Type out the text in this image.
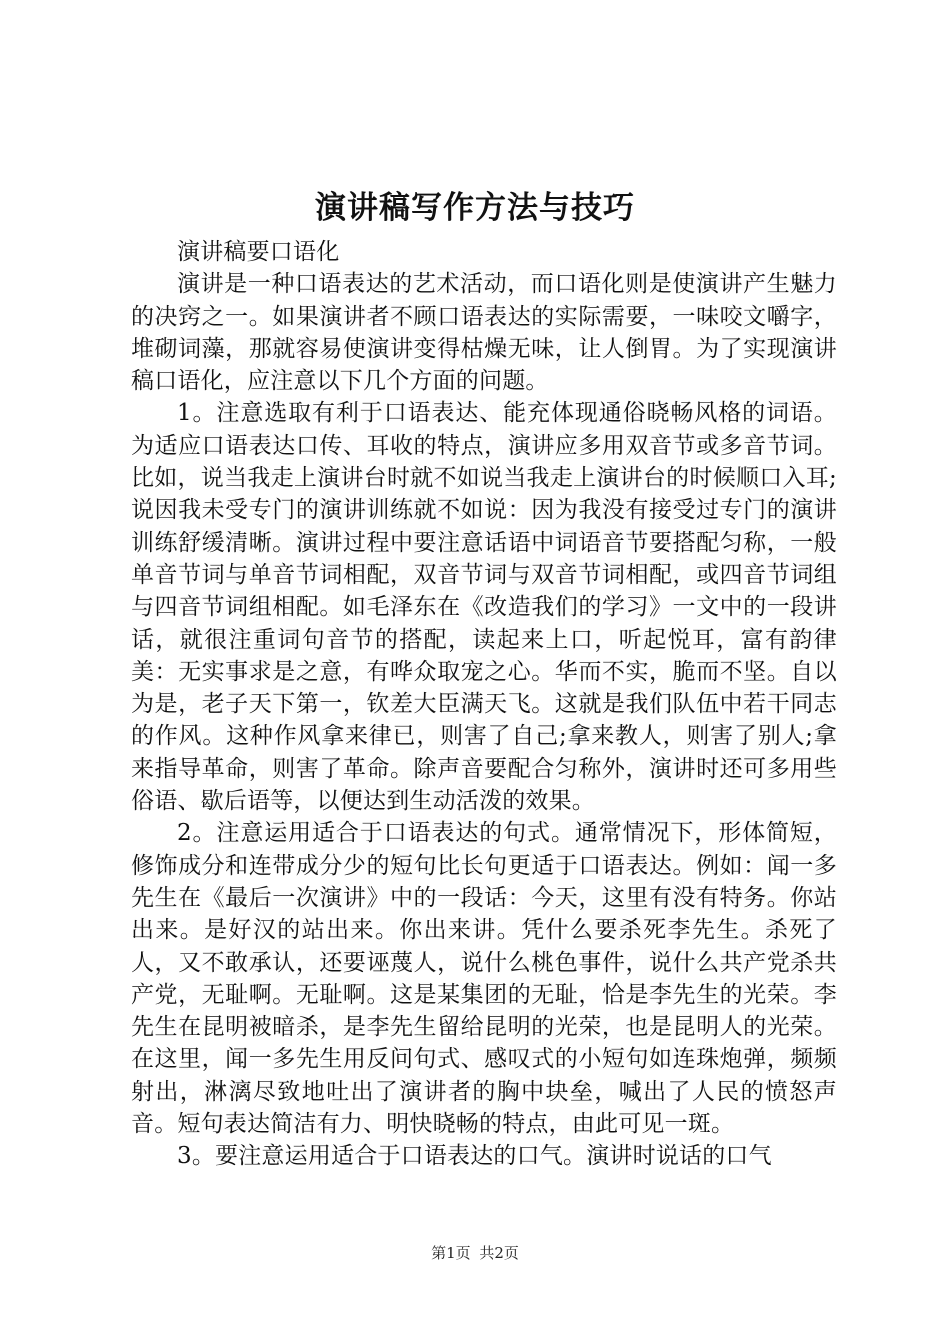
演讲稿写作方法与技巧

演讲稿要口语化

演讲是一种口语表达的艺术活动，而口语化则是使演讲产生魅力的决窍之一。如果演讲者不顾口语表达的实际需要，一味咬文嚼字，堆砌词藻，那就容易使演讲变得枯燥无味，让人倒胃。为了实现演讲稿口语化，应注意以下几个方面的问题。

1。注意选取有利于口语表达、能充体现通俗晓畅风格的词语。为适应口语表达口传、耳收的特点，演讲应多用双音节或多音节词。比如，说当我走上演讲台时就不如说当我走上演讲台的时候顺口入耳;说因我未受专门的演讲训练就不如说：因为我没有接受过专门的演讲训练舒缓清晰。演讲过程中要注意话语中词语音节要搭配匀称，一般单音节词与单音节词相配，双音节词与双音节词相配，或四音节词组与四音节词组相配。如毛泽东在《改造我们的学习》一文中的一段讲话，就很注重词句音节的搭配，读起来上口，听起悦耳，富有韵律美：无实事求是之意，有哗众取宠之心。华而不实，脆而不坚。自以为是，老子天下第一，钦差大臣满天飞。这就是我们队伍中若干同志的作风。这种作风拿来律已，则害了自己;拿来教人，则害了别人;拿来指导革命，则害了革命。除声音要配合匀称外，演讲时还可多用些俗语、歇后语等，以便达到生动活泼的效果。

2。注意运用适合于口语表达的句式。通常情况下，形体简短，修饰成分和连带成分少的短句比长句更适于口语表达。例如：闻一多先生在《最后一次演讲》中的一段话：今天，这里有没有特务。你站出来。是好汉的站出来。你出来讲。凭什么要杀死李先生。杀死了人，又不敢承认，还要诬蔑人，说什么桃色事件，说什么共产党杀共产党，无耻啊。无耻啊。这是某集团的无耻，恰是李先生的光荣。李先生在昆明被暗杀，是李先生留给昆明的光荣，也是昆明人的光荣。在这里，闻一多先生用反问句式、感叹式的小短句如连珠炮弹，频频射出，淋漓尽致地吐出了演讲者的胸中块垒，喊出了人民的愤怒声音。短句表达简洁有力、明快晓畅的特点，由此可见一斑。

3。要注意运用适合于口语表达的口气。演讲时说话的口气

第1页 共2页
